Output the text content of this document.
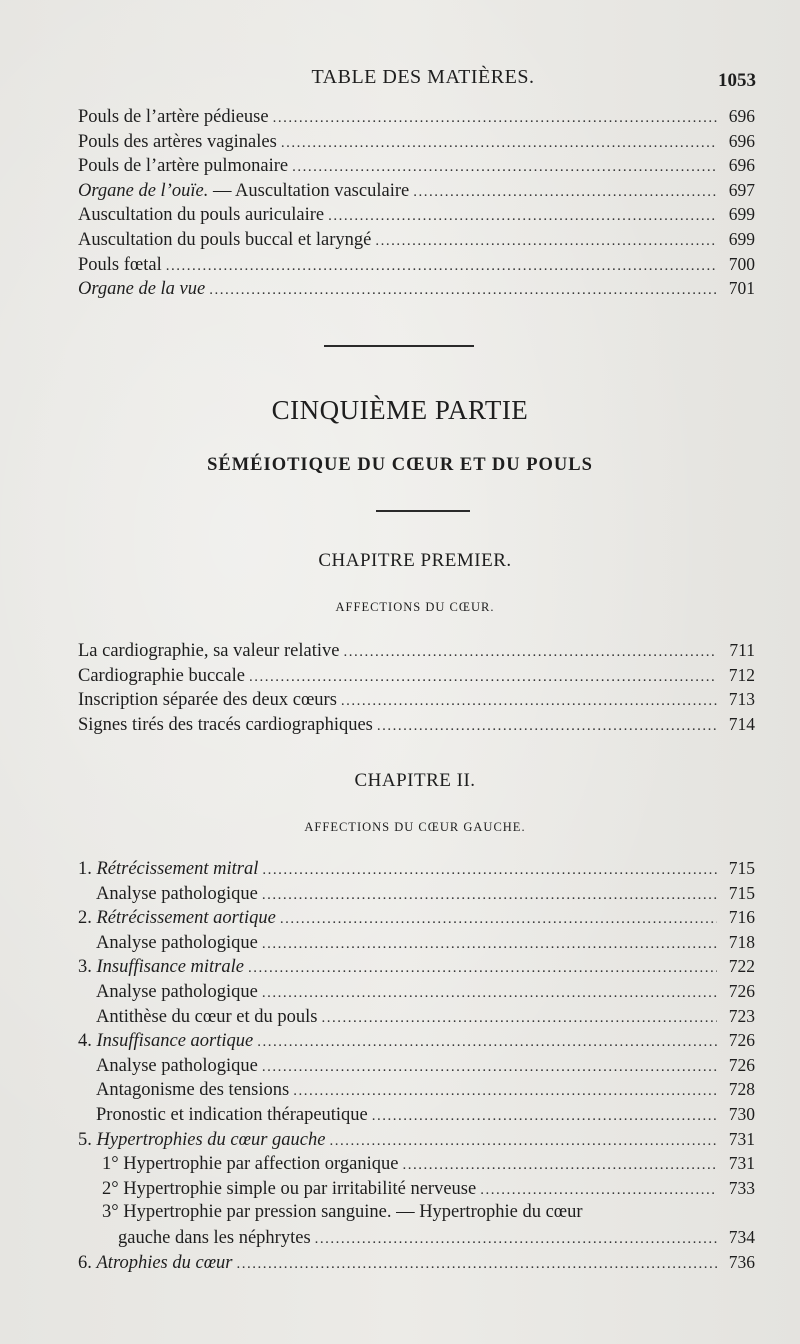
TABLE DES MATIÈRES.	1053
Pouls de l’artère pédieuse .....	696
Pouls des artères vaginales .....	696
Pouls de l’artère pulmonaire .....	696
Organe de l’ouïe. — Auscultation vasculaire .....	697
Auscultation du pouls auriculaire .....	699
Auscultation du pouls buccal et laryngé .....	699
Pouls fœtal .....	700
Organe de la vue .....	701
CINQUIÈME PARTIE
SÉMÉIOTIQUE DU CŒUR ET DU POULS
CHAPITRE PREMIER.
AFFECTIONS DU CŒUR.
La cardiographie, sa valeur relative .....	711
Cardiographie buccale .....	712
Inscription séparée des deux cœurs .....	713
Signes tirés des tracés cardiographiques .....	714
CHAPITRE II.
AFFECTIONS DU CŒUR GAUCHE.
1. Rétrécissement mitral .....	715
Analyse pathologique .....	715
2. Rétrécissement aortique .....	716
Analyse pathologique .....	718
3. Insuffisance mitrale .....	722
Analyse pathologique .....	726
Antithèse du cœur et du pouls .....	723
4. Insuffisance aortique .....	726
Analyse pathologique .....	726
Antagonisme des tensions .....	728
Pronostic et indication thérapeutique .....	730
5. Hypertrophies du cœur gauche .....	731
1° Hypertrophie par affection organique .....	731
2° Hypertrophie simple ou par irritabilité nerveuse .....	733
3° Hypertrophie par pression sanguine. — Hypertrophie du cœur
gauche dans les néphrytes .....	734
6. Atrophies du cœur .....	736
